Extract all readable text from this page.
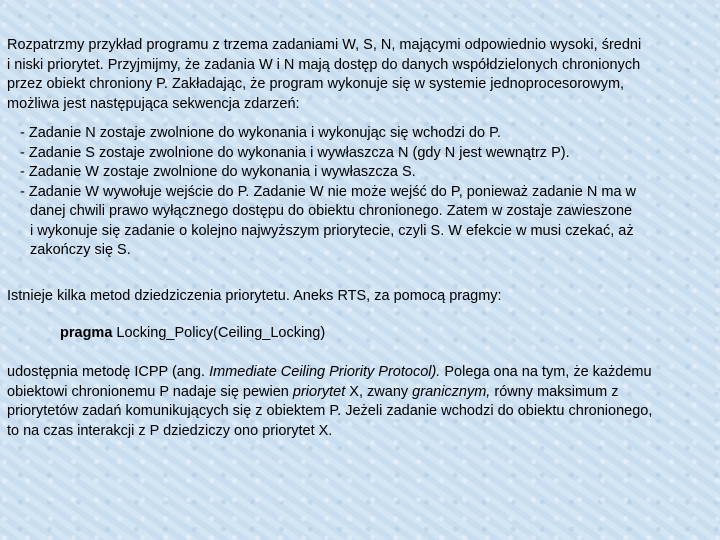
Rozpatrzmy przykład programu z trzema zadaniami W, S, N, mającymi odpowiednio wysoki, średni
i niski priorytet. Przyjmijmy, że zadania W i N mają dostęp do danych współdzielonych chronionych
przez obiekt chroniony P. Zakładając, że program wykonuje się w systemie jednoprocesorowym,
możliwa jest następująca sekwencja zdarzeń:
- Zadanie N zostaje zwolnione do wykonania i wykonując się wchodzi do P.
- Zadanie S zostaje zwolnione do wykonania i wywłaszcza N (gdy N jest wewnątrz P).
- Zadanie W zostaje zwolnione do wykonania i wywłaszcza S.
- Zadanie W wywołuje wejście do P. Zadanie W nie może wejść do P, ponieważ zadanie N ma w
danej chwili prawo wyłącznego dostępu do obiektu chronionego. Zatem w zostaje zawieszone
i wykonuje się zadanie o kolejno najwyższym priorytecie, czyli S. W efekcie w musi czekać, aż
zakończy się S.
Istnieje kilka metod dziedziczenia priorytetu. Aneks RTS, za pomocą pragmy:
pragma Locking_Policy(Ceiling_Locking)
udostępnia metodę ICPP (ang. Immediate Ceiling Priority Protocol). Polega ona na tym, że każdemu
obiektowi chronionemu P nadaje się pewien priorytet X, zwany granicznym, równy maksimum z
priorytetów zadań komunikujących się z obiektem P. Jeżeli zadanie wchodzi do obiektu chronionego,
to na czas interakcji z P dziedziczy ono priorytet X.
